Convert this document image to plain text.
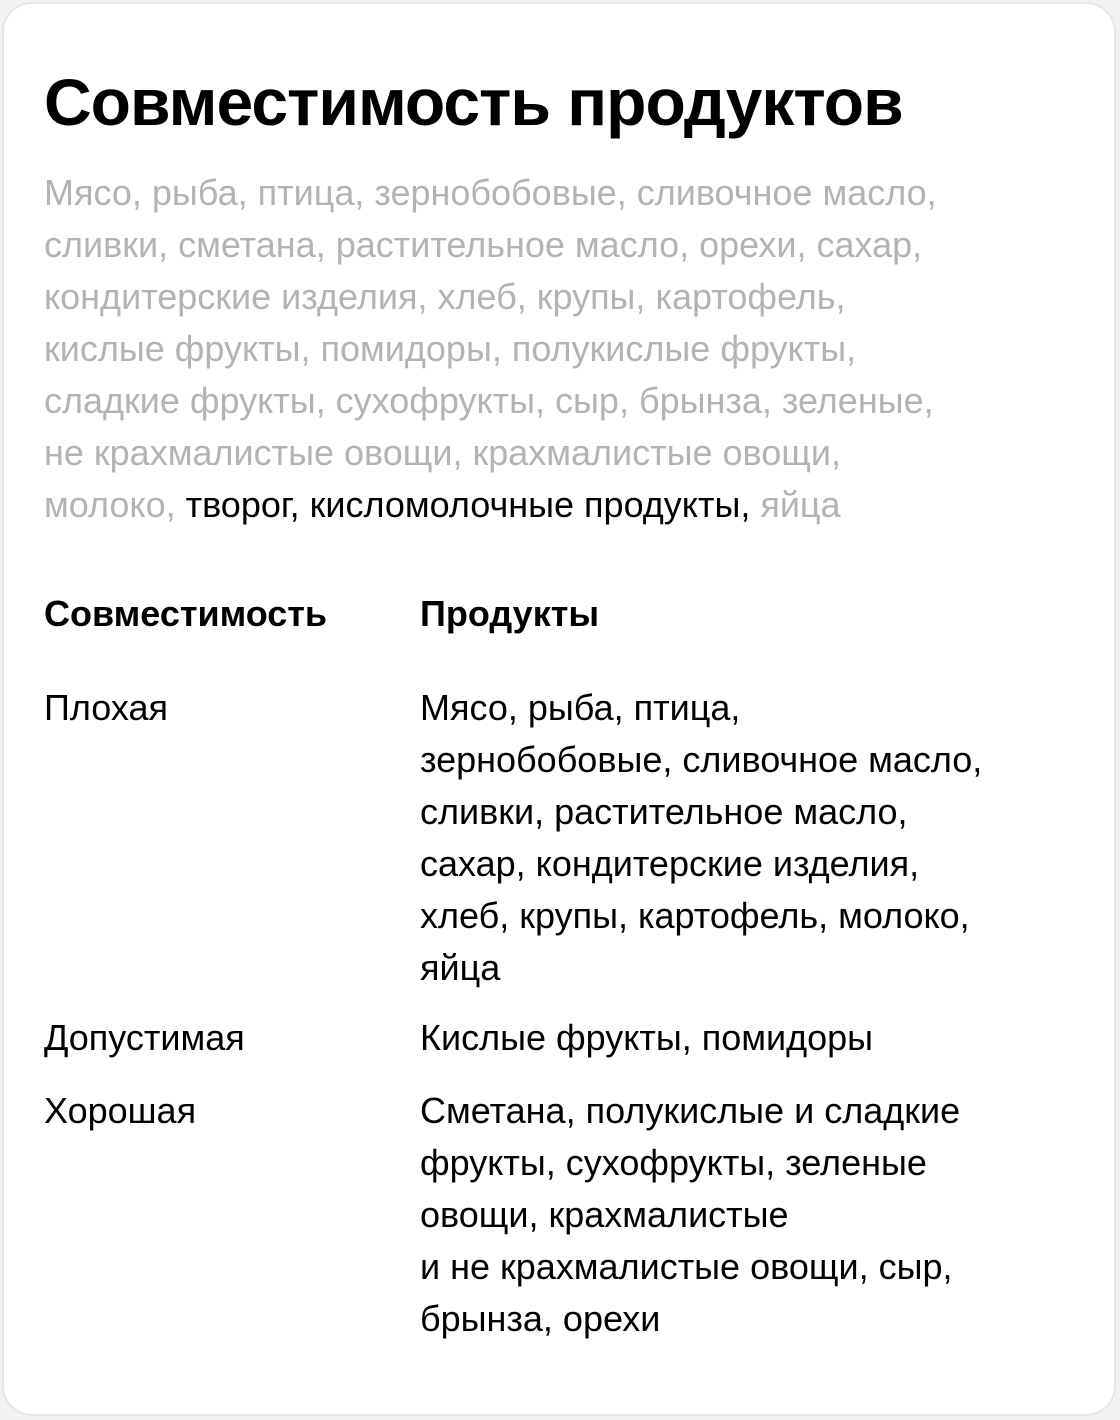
Совместимость продуктов
Мясо, рыба, птица, зернобобовые, сливочное масло,
сливки, сметана, растительное масло, орехи, сахар,
кондитерские изделия, хлеб, крупы, картофель,
кислые фрукты, помидоры, полукислые фрукты,
сладкие фрукты, сухофрукты, сыр, брынза, зеленые,
не крахмалистые овощи, крахмалистые овощи,
молоко, творог, кисломолочные продукты, яйца
Совместимость	Продукты
Плохая	Мясо, рыба, птица,
зернобобовые, сливочное масло,
сливки, растительное масло,
сахар, кондитерские изделия,
хлеб, крупы, картофель, молоко,
яйца
Допустимая	Кислые фрукты, помидоры
Хорошая	Сметана, полукислые и сладкие
фрукты, сухофрукты, зеленые
овощи, крахмалистые
и не крахмалистые овощи, сыр,
брынза, орехи
